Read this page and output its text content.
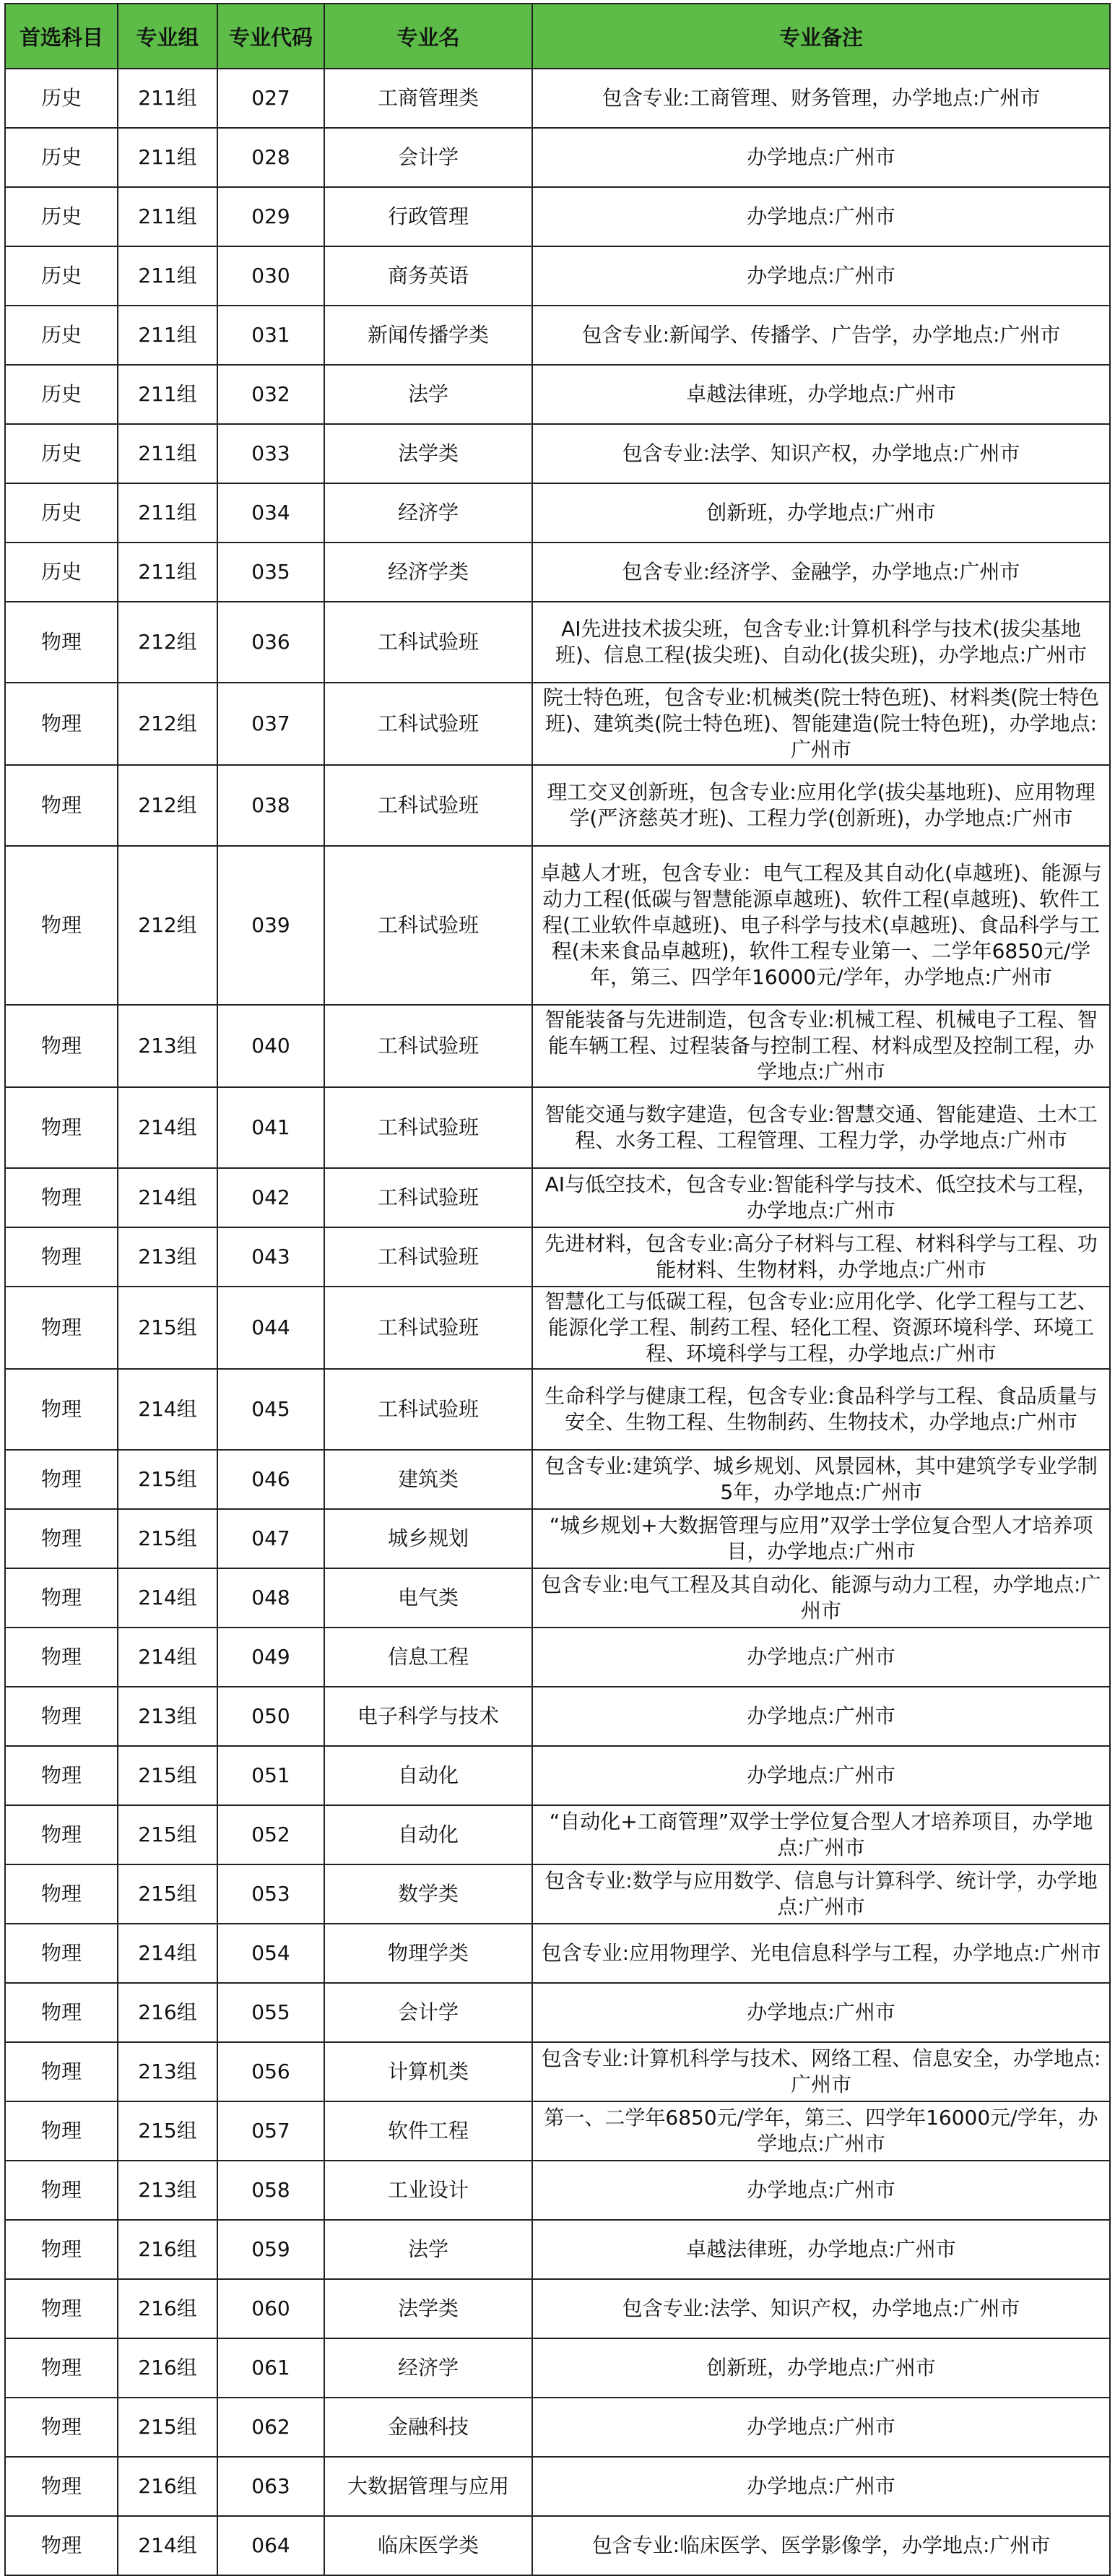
首选科目	专业组	专业代码	专业名	专业备注
历史	211组	027	工商管理类	包含专业:工商管理、财务管理，办学地点:广州市
历史	211组	028	会计学	办学地点:广州市
历史	211组	029	行政管理	办学地点:广州市
历史	211组	030	商务英语	办学地点:广州市
历史	211组	031	新闻传播学类	包含专业:新闻学、传播学、广告学，办学地点:广州市
历史	211组	032	法学	卓越法律班，办学地点:广州市
历史	211组	033	法学类	包含专业:法学、知识产权，办学地点:广州市
历史	211组	034	经济学	创新班，办学地点:广州市
历史	211组	035	经济学类	包含专业:经济学、金融学，办学地点:广州市
物理	212组	036	工科试验班	AI先进技术拔尖班，包含专业:计算机科学与技术(拔尖基地班)、信息工程(拔尖班)、自动化(拔尖班)，办学地点:广州市
物理	212组	037	工科试验班	院士特色班，包含专业:机械类(院士特色班)、材料类(院士特色班)、建筑类(院士特色班)、智能建造(院士特色班)，办学地点:广州市
物理	212组	038	工科试验班	理工交叉创新班，包含专业:应用化学(拔尖基地班)、应用物理学(严济慈英才班)、工程力学(创新班)，办学地点:广州市
物理	212组	039	工科试验班	卓越人才班，包含专业：电气工程及其自动化(卓越班)、能源与动力工程(低碳与智慧能源卓越班)、软件工程(卓越班)、软件工程(工业软件卓越班)、电子科学与技术(卓越班)、食品科学与工程(未来食品卓越班)，软件工程专业第一、二学年6850元/学年，第三、四学年16000元/学年，办学地点:广州市
物理	213组	040	工科试验班	智能装备与先进制造，包含专业:机械工程、机械电子工程、智能车辆工程、过程装备与控制工程、材料成型及控制工程，办学地点:广州市
物理	214组	041	工科试验班	智能交通与数字建造，包含专业:智慧交通、智能建造、土木工程、水务工程、工程管理、工程力学，办学地点:广州市
物理	214组	042	工科试验班	AI与低空技术，包含专业:智能科学与技术、低空技术与工程，办学地点:广州市
物理	213组	043	工科试验班	先进材料，包含专业:高分子材料与工程、材料科学与工程、功能材料、生物材料，办学地点:广州市
物理	215组	044	工科试验班	智慧化工与低碳工程，包含专业:应用化学、化学工程与工艺、能源化学工程、制药工程、轻化工程、资源环境科学、环境工程、环境科学与工程，办学地点:广州市
物理	214组	045	工科试验班	生命科学与健康工程，包含专业:食品科学与工程、食品质量与安全、生物工程、生物制药、生物技术，办学地点:广州市
物理	215组	046	建筑类	包含专业:建筑学、城乡规划、风景园林，其中建筑学专业学制5年，办学地点:广州市
物理	215组	047	城乡规划	“城乡规划+大数据管理与应用”双学士学位复合型人才培养项目，办学地点:广州市
物理	214组	048	电气类	包含专业:电气工程及其自动化、能源与动力工程，办学地点:广州市
物理	214组	049	信息工程	办学地点:广州市
物理	213组	050	电子科学与技术	办学地点:广州市
物理	215组	051	自动化	办学地点:广州市
物理	215组	052	自动化	“自动化+工商管理”双学士学位复合型人才培养项目，办学地点:广州市
物理	215组	053	数学类	包含专业:数学与应用数学、信息与计算科学、统计学，办学地点:广州市
物理	214组	054	物理学类	包含专业:应用物理学、光电信息科学与工程，办学地点:广州市
物理	216组	055	会计学	办学地点:广州市
物理	213组	056	计算机类	包含专业:计算机科学与技术、网络工程、信息安全，办学地点:广州市
物理	215组	057	软件工程	第一、二学年6850元/学年，第三、四学年16000元/学年，办学地点:广州市
物理	213组	058	工业设计	办学地点:广州市
物理	216组	059	法学	卓越法律班，办学地点:广州市
物理	216组	060	法学类	包含专业:法学、知识产权，办学地点:广州市
物理	216组	061	经济学	创新班，办学地点:广州市
物理	215组	062	金融科技	办学地点:广州市
物理	216组	063	大数据管理与应用	办学地点:广州市
物理	214组	064	临床医学类	包含专业:临床医学、医学影像学，办学地点:广州市
